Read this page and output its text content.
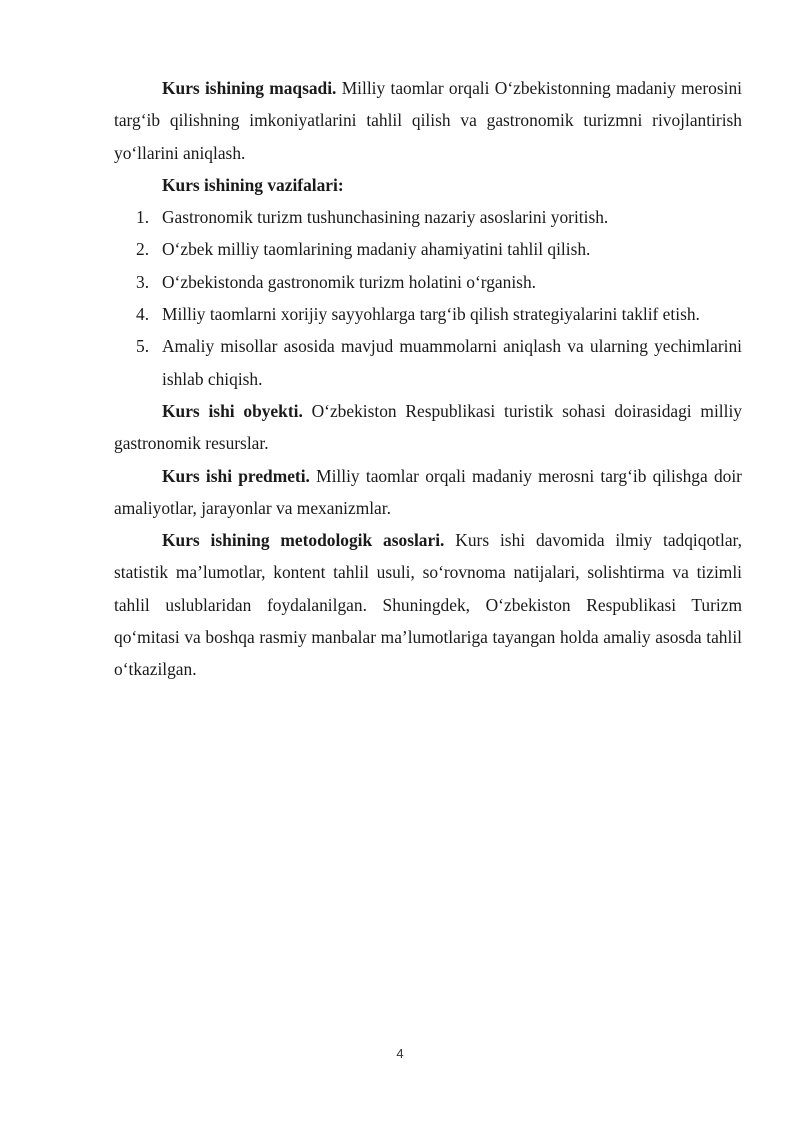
Kurs ishining maqsadi. Milliy taomlar orqali O‘zbekistonning madaniy merosini targ‘ib qilishning imkoniyatlarini tahlil qilish va gastronomik turizmni rivojlantirish yo‘llarini aniqlash.

Kurs ishining vazifalari:

1. Gastronomik turizm tushunchasining nazariy asoslarini yoritish.
2. O‘zbek milliy taomlarining madaniy ahamiyatini tahlil qilish.
3. O‘zbekistonda gastronomik turizm holatini o‘rganish.
4. Milliy taomlarni xorijiy sayyohlarga targ‘ib qilish strategiyalarini taklif etish.
5. Amaliy misollar asosida mavjud muammolarni aniqlash va ularning yechimlarini ishlab chiqish.

Kurs ishi obyekti. O‘zbekiston Respublikasi turistik sohasi doirasidagi milliy gastronomik resurslar.

Kurs ishi predmeti. Milliy taomlar orqali madaniy merosni targ‘ib qilishga doir amaliyotlar, jarayonlar va mexanizmlar.

Kurs ishining metodologik asoslari. Kurs ishi davomida ilmiy tadqiqotlar, statistik ma’lumotlar, kontent tahlil usuli, so‘rovnoma natijalari, solishtirma va tizimli tahlil uslublaridan foydalanilgan. Shuningdek, O‘zbekiston Respublikasi Turizm qo‘mitasi va boshqa rasmiy manbalar ma’lumotlariga tayangan holda amaliy asosda tahlil o‘tkazilgan.

4
